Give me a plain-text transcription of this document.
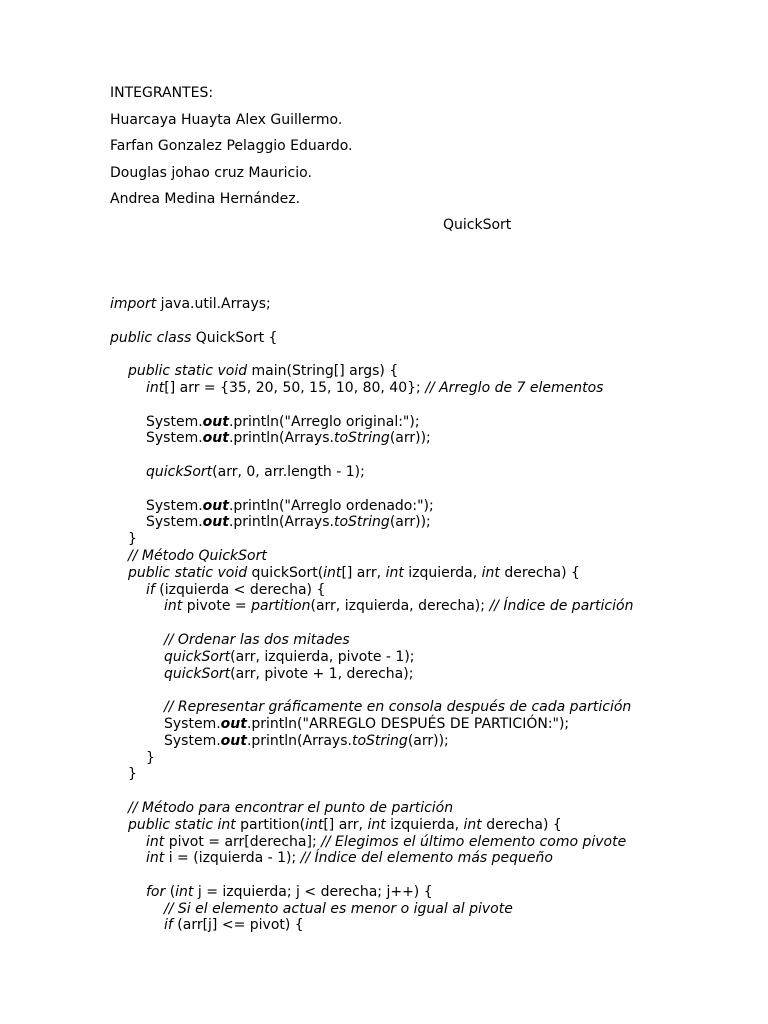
INTEGRANTES:
Huarcaya Huayta Alex Guillermo.
Farfan Gonzalez Pelaggio Eduardo.
Douglas johao cruz Mauricio.
Andrea Medina Hernández.
QuickSort
import java.util.Arrays;
public class QuickSort {
public static void main(String[] args) {
int[] arr = {35, 20, 50, 15, 10, 80, 40}; // Arreglo de 7 elementos
System.out.println("Arreglo original:");
System.out.println(Arrays.toString(arr));
quickSort(arr, 0, arr.length - 1);
System.out.println("Arreglo ordenado:");
System.out.println(Arrays.toString(arr));
}
// Método QuickSort
public static void quickSort(int[] arr, int izquierda, int derecha) {
if (izquierda < derecha) {
int pivote = partition(arr, izquierda, derecha); // Índice de partición
// Ordenar las dos mitades
quickSort(arr, izquierda, pivote - 1);
quickSort(arr, pivote + 1, derecha);
// Representar gráficamente en consola después de cada partición
System.out.println("ARREGLO DESPUÉS DE PARTICIÓN:");
System.out.println(Arrays.toString(arr));
}
}
// Método para encontrar el punto de partición
public static int partition(int[] arr, int izquierda, int derecha) {
int pivot = arr[derecha]; // Elegimos el último elemento como pivote
int i = (izquierda - 1); // Índice del elemento más pequeño
for (int j = izquierda; j < derecha; j++) {
// Si el elemento actual es menor o igual al pivote
if (arr[j] <= pivot) {
